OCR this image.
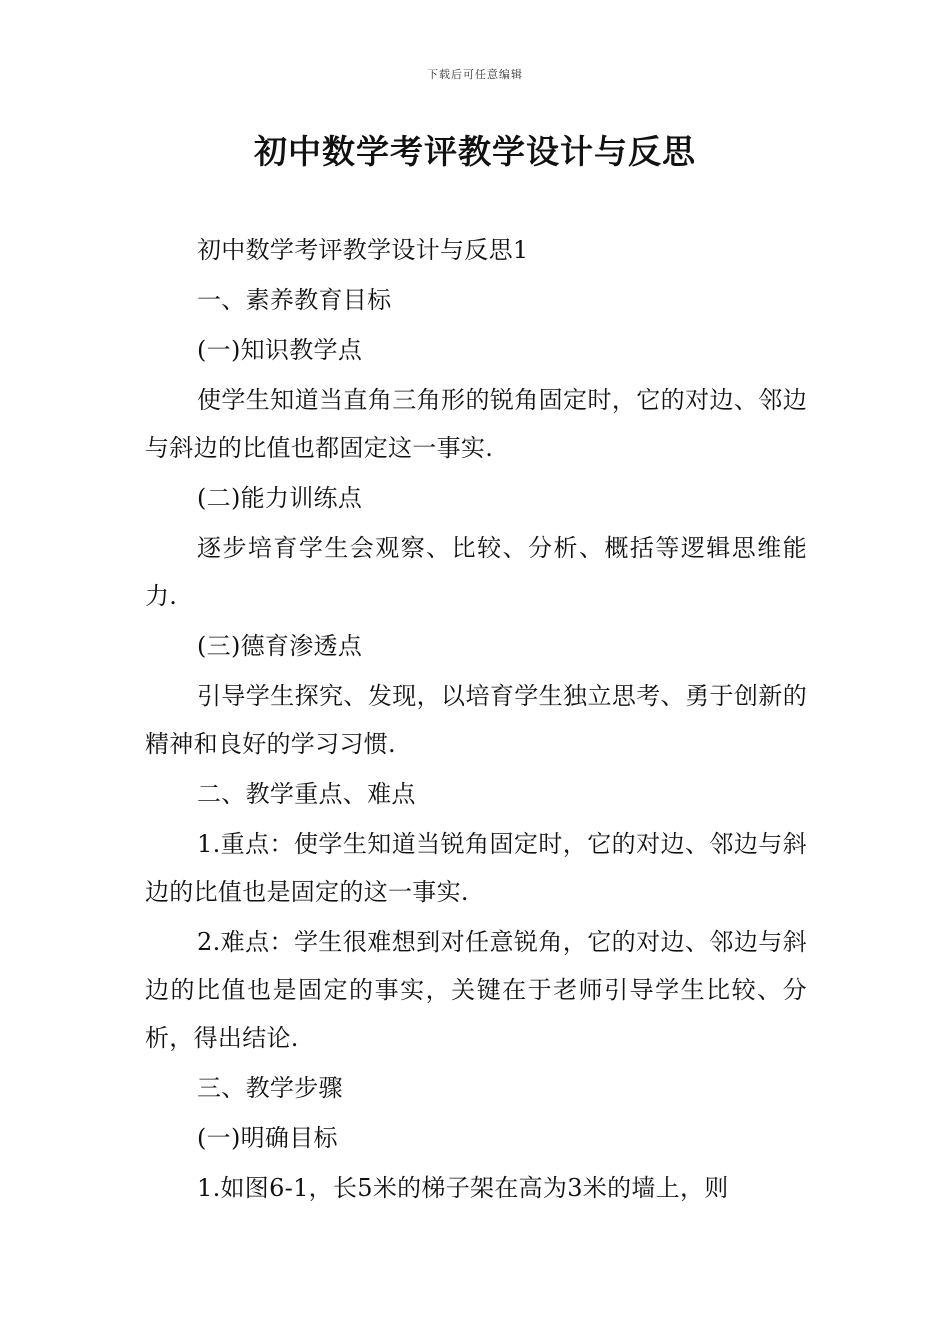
下载后可任意编辑
初中数学考评教学设计与反思

初中数学考评教学设计与反思1

一、素养教育目标

(一)知识教学点

使学生知道当直角三角形的锐角固定时，它的对边、邻边与斜边的比值也都固定这一事实.

(二)能力训练点

逐步培育学生会观察、比较、分析、概括等逻辑思维能力.

(三)德育渗透点

引导学生探究、发现，以培育学生独立思考、勇于创新的精神和良好的学习习惯.

二、教学重点、难点

1.重点：使学生知道当锐角固定时，它的对边、邻边与斜边的比值也是固定的这一事实.

2.难点：学生很难想到对任意锐角，它的对边、邻边与斜边的比值也是固定的事实，关键在于老师引导学生比较、分析，得出结论.

三、教学步骤

(一)明确目标

1.如图6-1，长5米的梯子架在高为3米的墙上，则
